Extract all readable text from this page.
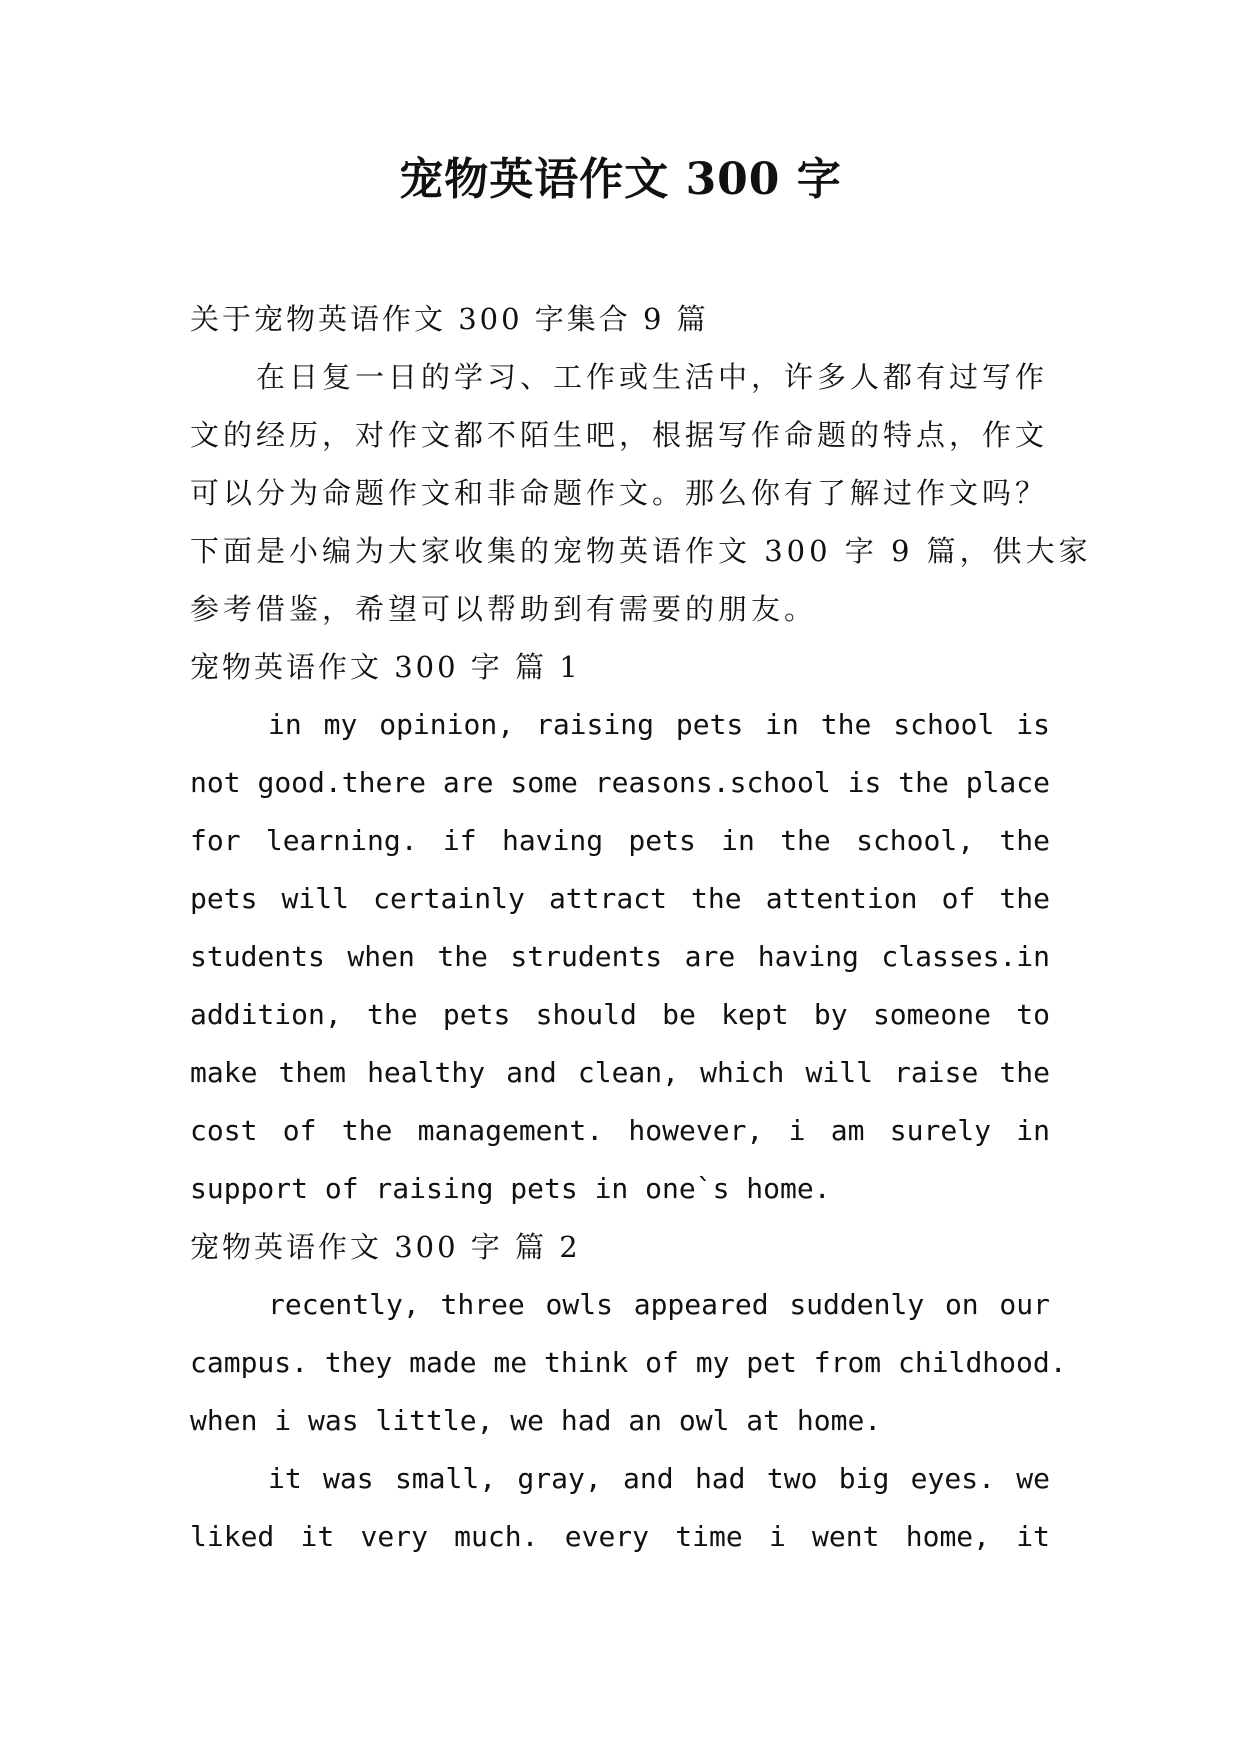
宠物英语作文 300 字
关于宠物英语作文 300 字集合 9 篇
在日复一日的学习、工作或生活中，许多人都有过写作
文的经历，对作文都不陌生吧，根据写作命题的特点，作文
可以分为命题作文和非命题作文。那么你有了解过作文吗？
下面是小编为大家收集的宠物英语作文 300 字 9 篇，供大家
参考借鉴，希望可以帮助到有需要的朋友。
宠物英语作文 300 字 篇 1
in my opinion, raising pets in the school is
not good.there are some reasons.school is the place
for learning. if having pets in the school, the
pets will certainly attract the attention of the
students when the strudents are having classes.in
addition, the pets should be kept by someone to
make them healthy and clean, which will raise the
cost of the management. however, i am surely in
support of raising pets in one`s home.
宠物英语作文 300 字 篇 2
recently, three owls appeared suddenly on our
campus. they made me think of my pet from childhood.
when i was little, we had an owl at home.
it was small, gray, and had two big eyes. we
liked it very much. every time i went home, it
